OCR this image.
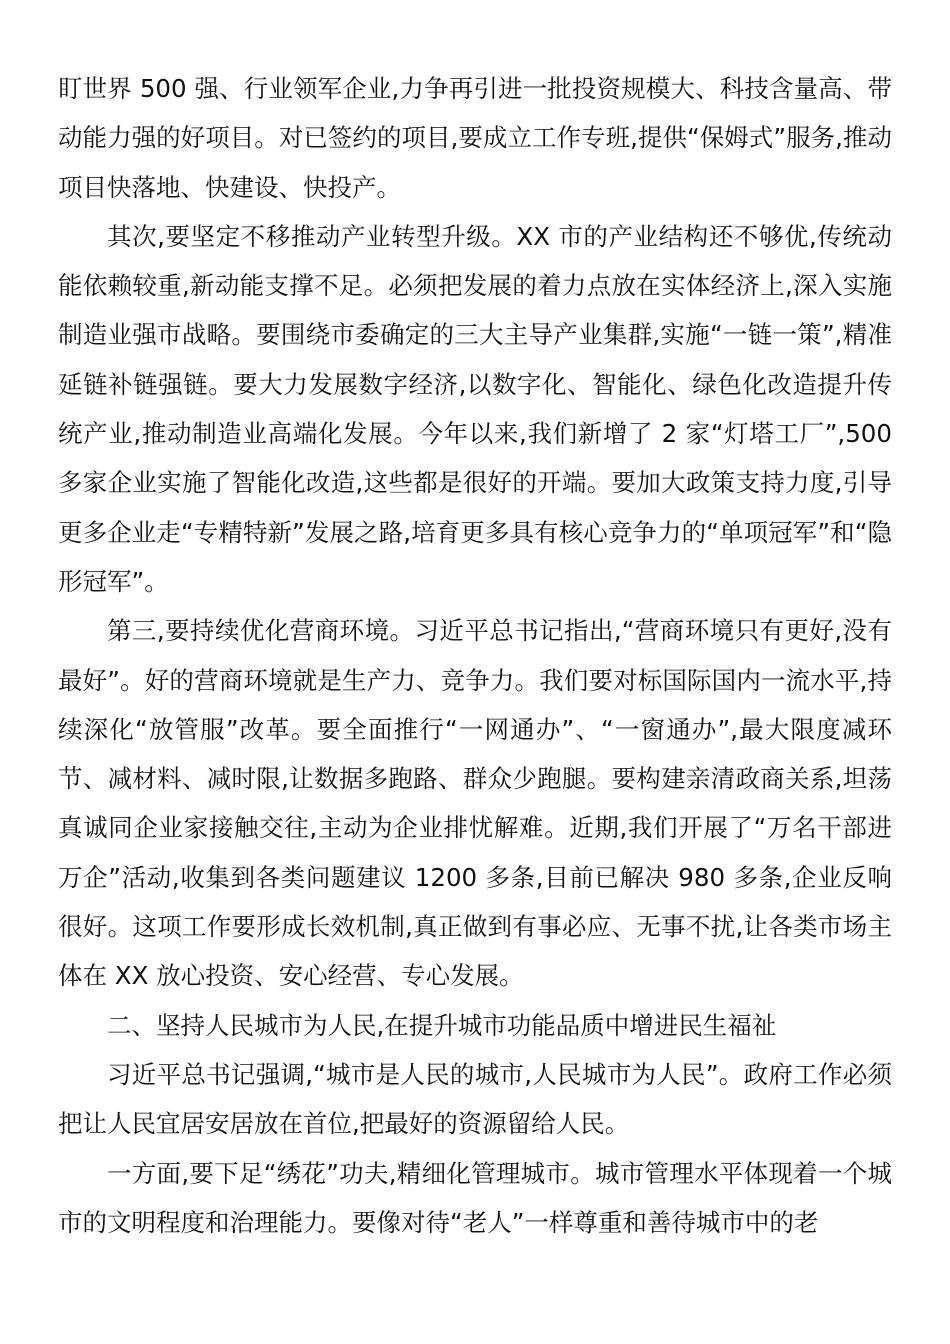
盯世界 500 强、行业领军企业,力争再引进一批投资规模大、科技含量高、带动能力强的好项目。对已签约的项目,要成立工作专班,提供“保姆式”服务,推动项目快落地、快建设、快投产。

其次,要坚定不移推动产业转型升级。XX 市的产业结构还不够优,传统动能依赖较重,新动能支撑不足。必须把发展的着力点放在实体经济上,深入实施制造业强市战略。要围绕市委确定的三大主导产业集群,实施“一链一策”,精准延链补链强链。要大力发展数字经济,以数字化、智能化、绿色化改造提升传统产业,推动制造业高端化发展。今年以来,我们新增了 2 家“灯塔工厂”,500 多家企业实施了智能化改造,这些都是很好的开端。要加大政策支持力度,引导更多企业走“专精特新”发展之路,培育更多具有核心竞争力的“单项冠军”和“隐形冠军”。

第三,要持续优化营商环境。习近平总书记指出,“营商环境只有更好,没有最好”。好的营商环境就是生产力、竞争力。我们要对标国际国内一流水平,持续深化“放管服”改革。要全面推行“一网通办”、“一窗通办”,最大限度减环节、减材料、减时限,让数据多跑路、群众少跑腿。要构建亲清政商关系,坦荡真诚同企业家接触交往,主动为企业排忧解难。近期,我们开展了“万名干部进万企”活动,收集到各类问题建议 1200 多条,目前已解决 980 多条,企业反响很好。这项工作要形成长效机制,真正做到有事必应、无事不扰,让各类市场主体在 XX 放心投资、安心经营、专心发展。

二、坚持人民城市为人民,在提升城市功能品质中增进民生福祉

习近平总书记强调,“城市是人民的城市,人民城市为人民”。政府工作必须把让人民宜居安居放在首位,把最好的资源留给人民。

一方面,要下足“绣花”功夫,精细化管理城市。城市管理水平体现着一个城市的文明程度和治理能力。要像对待“老人”一样尊重和善待城市中的老
